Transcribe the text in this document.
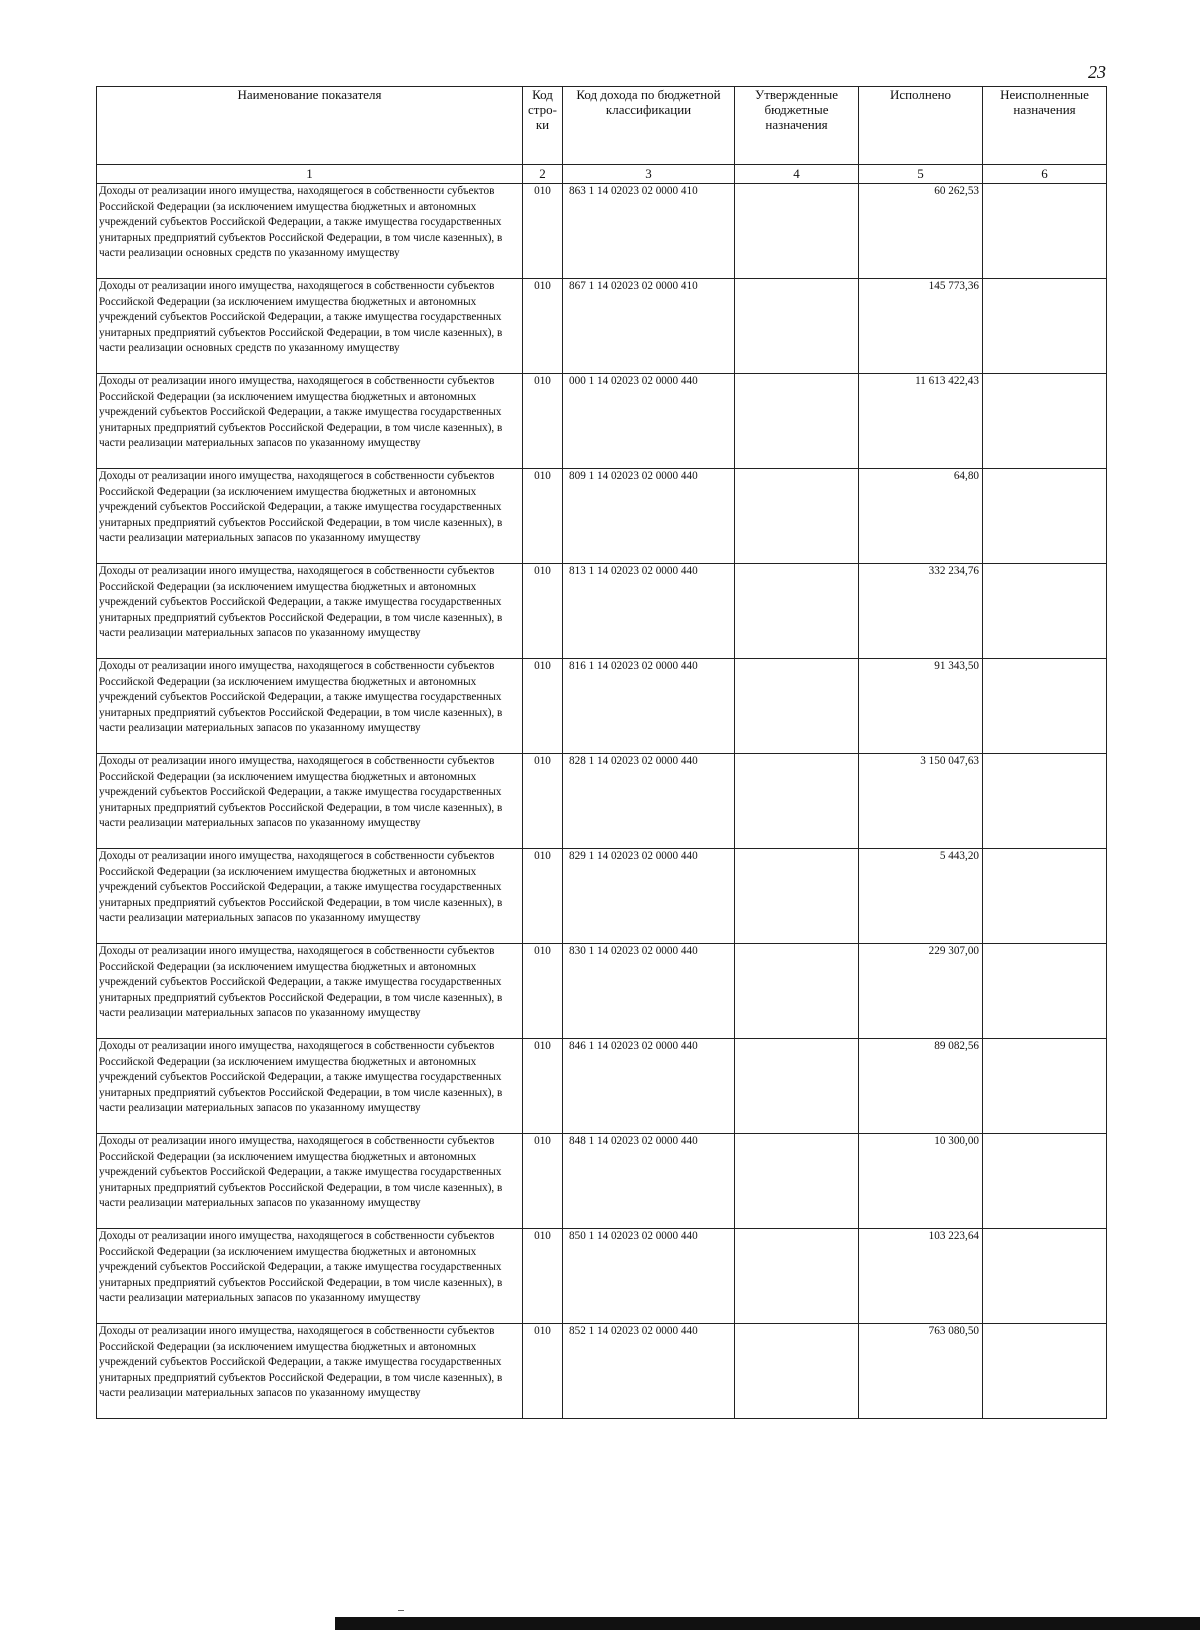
23
Наименование показателя	Код стро- ки	Код дохода по бюджетной классификации	Утвержденные бюджетные назначения	Исполнено	Неисполненные назначения
1	2	3	4	5	6
Доходы от реализации иного имущества, находящегося в собственности субъектов Российской Федерации (за исключением имущества бюджетных и автономных учреждений субъектов Российской Федерации, а также имущества государственных унитарных предприятий субъектов Российской Федерации, в том числе казенных), в части реализации основных средств по указанному имуществу	010	863 1 14 02023 02 0000 410		60 262,53	
Доходы от реализации иного имущества, находящегося в собственности субъектов Российской Федерации (за исключением имущества бюджетных и автономных учреждений субъектов Российской Федерации, а также имущества государственных унитарных предприятий субъектов Российской Федерации, в том числе казенных), в части реализации основных средств по указанному имуществу	010	867 1 14 02023 02 0000 410		145 773,36	
Доходы от реализации иного имущества, находящегося в собственности субъектов Российской Федерации (за исключением имущества бюджетных и автономных учреждений субъектов Российской Федерации, а также имущества государственных унитарных предприятий субъектов Российской Федерации, в том числе казенных), в части реализации материальных запасов по указанному имуществу	010	000 1 14 02023 02 0000 440		11 613 422,43	
Доходы от реализации иного имущества, находящегося в собственности субъектов Российской Федерации (за исключением имущества бюджетных и автономных учреждений субъектов Российской Федерации, а также имущества государственных унитарных предприятий субъектов Российской Федерации, в том числе казенных), в части реализации материальных запасов по указанному имуществу	010	809 1 14 02023 02 0000 440		64,80	
Доходы от реализации иного имущества, находящегося в собственности субъектов Российской Федерации (за исключением имущества бюджетных и автономных учреждений субъектов Российской Федерации, а также имущества государственных унитарных предприятий субъектов Российской Федерации, в том числе казенных), в части реализации материальных запасов по указанному имуществу	010	813 1 14 02023 02 0000 440		332 234,76	
Доходы от реализации иного имущества, находящегося в собственности субъектов Российской Федерации (за исключением имущества бюджетных и автономных учреждений субъектов Российской Федерации, а также имущества государственных унитарных предприятий субъектов Российской Федерации, в том числе казенных), в части реализации материальных запасов по указанному имуществу	010	816 1 14 02023 02 0000 440		91 343,50	
Доходы от реализации иного имущества, находящегося в собственности субъектов Российской Федерации (за исключением имущества бюджетных и автономных учреждений субъектов Российской Федерации, а также имущества государственных унитарных предприятий субъектов Российской Федерации, в том числе казенных), в части реализации материальных запасов по указанному имуществу	010	828 1 14 02023 02 0000 440		3 150 047,63	
Доходы от реализации иного имущества, находящегося в собственности субъектов Российской Федерации (за исключением имущества бюджетных и автономных учреждений субъектов Российской Федерации, а также имущества государственных унитарных предприятий субъектов Российской Федерации, в том числе казенных), в части реализации материальных запасов по указанному имуществу	010	829 1 14 02023 02 0000 440		5 443,20	
Доходы от реализации иного имущества, находящегося в собственности субъектов Российской Федерации (за исключением имущества бюджетных и автономных учреждений субъектов Российской Федерации, а также имущества государственных унитарных предприятий субъектов Российской Федерации, в том числе казенных), в части реализации материальных запасов по указанному имуществу	010	830 1 14 02023 02 0000 440		229 307,00	
Доходы от реализации иного имущества, находящегося в собственности субъектов Российской Федерации (за исключением имущества бюджетных и автономных учреждений субъектов Российской Федерации, а также имущества государственных унитарных предприятий субъектов Российской Федерации, в том числе казенных), в части реализации материальных запасов по указанному имуществу	010	846 1 14 02023 02 0000 440		89 082,56	
Доходы от реализации иного имущества, находящегося в собственности субъектов Российской Федерации (за исключением имущества бюджетных и автономных учреждений субъектов Российской Федерации, а также имущества государственных унитарных предприятий субъектов Российской Федерации, в том числе казенных), в части реализации материальных запасов по указанному имуществу	010	848 1 14 02023 02 0000 440		10 300,00	
Доходы от реализации иного имущества, находящегося в собственности субъектов Российской Федерации (за исключением имущества бюджетных и автономных учреждений субъектов Российской Федерации, а также имущества государственных унитарных предприятий субъектов Российской Федерации, в том числе казенных), в части реализации материальных запасов по указанному имуществу	010	850 1 14 02023 02 0000 440		103 223,64	
Доходы от реализации иного имущества, находящегося в собственности субъектов Российской Федерации (за исключением имущества бюджетных и автономных учреждений субъектов Российской Федерации, а также имущества государственных унитарных предприятий субъектов Российской Федерации, в том числе казенных), в части реализации материальных запасов по указанному имуществу	010	852 1 14 02023 02 0000 440		763 080,50	
